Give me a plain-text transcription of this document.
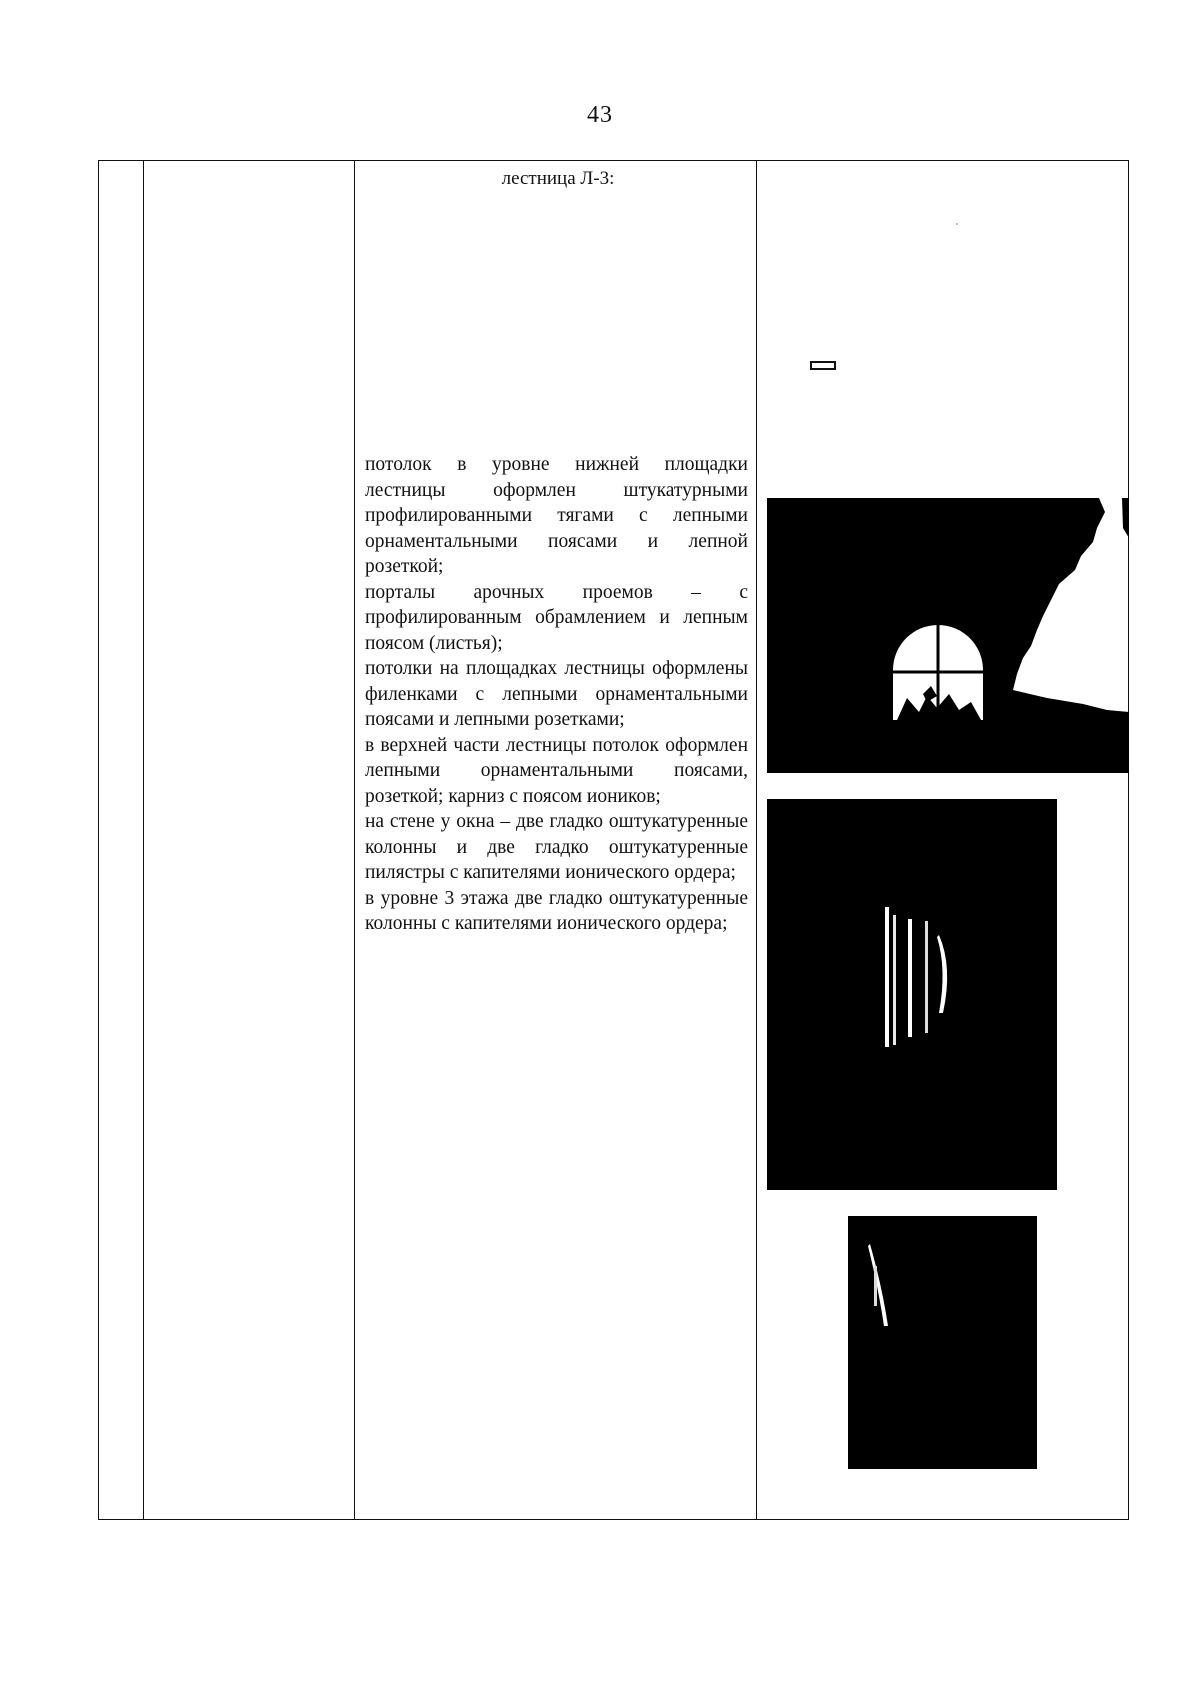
43
лестница Л-3:

потолок в уровне нижней площадки лестницы оформлен штукатурными профилированными тягами с лепными орнаментальными поясами и лепной розеткой;

порталы арочных проемов – с профилированным обрамлением и лепным поясом (листья);

потолки на площадках лестницы оформлены филенками с лепными орнаментальными поясами и лепными розетками;

в верхней части лестницы потолок оформлен лепными орнаментальными поясами, розеткой; карниз с поясом иоников;

на стене у окна – две гладко оштукатуренные колонны и две гладко оштукатуренные пилястры с капителями ионического ордера;

в уровне 3 этажа две гладко оштукатуренные колонны с капителями ионического ордера;
